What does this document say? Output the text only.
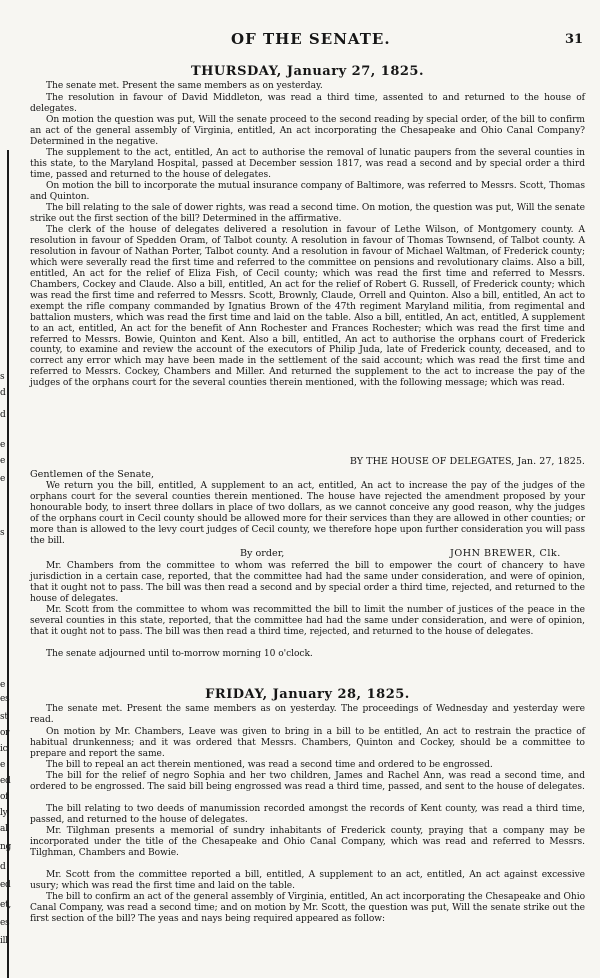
s
d
d
e
e
e
s
e
es
st
or
ic
e
ed
of
ly
al
ng
d
ed
et,
es
ill
OF THE SENATE.	31
THURSDAY, January 27, 1825.

The senate met. Present the same members as on yesterday.

The resolution in favour of David Middleton, was read a third time, assented to and returned to the house of delegates.

On motion the question was put, Will the senate proceed to the second reading by special order, of the bill to confirm an act of the general assembly of Virginia, entitled, An act incorporating the Chesapeake and Ohio Canal Company? Determined in the negative.

The supplement to the act, entitled, An act to authorise the removal of lunatic paupers from the several counties in this state, to the Maryland Hospital, passed at December session 1817, was read a second and by special order a third time, passed and returned to the house of delegates.

On motion the bill to incorporate the mutual insurance company of Baltimore, was referred to Messrs. Scott, Thomas and Quinton.

The bill relating to the sale of dower rights, was read a second time. On motion, the question was put, Will the senate strike out the first section of the bill? Determined in the affirmative.

The clerk of the house of delegates delivered a resolution in favour of Lethe Wilson, of Montgomery county. A resolution in favour of Spedden Oram, of Talbot county. A resolution in favour of Thomas Townsend, of Talbot county. A resolution in favour of Nathan Porter, Talbot county. And a resolution in favour of Michael Waltman, of Frederick county; which were severally read the first time and referred to the committee on pensions and revolutionary claims. Also a bill, entitled, An act for the relief of Eliza Fish, of Cecil county; which was read the first time and referred to Messrs. Chambers, Cockey and Claude. Also a bill, entitled, An act for the relief of Robert G. Russell, of Frederick county; which was read the first time and referred to Messrs. Scott, Brownly, Claude, Orrell and Quinton. Also a bill, entitled, An act to exempt the rifle company commanded by Ignatius Brown of the 47th regiment Maryland militia, from regimental and battalion musters, which was read the first time and laid on the table. Also a bill, entitled, An act, entitled, A supplement to an act, entitled, An act for the benefit of Ann Rochester and Frances Rochester; which was read the first time and referred to Messrs. Bowie, Quinton and Kent. Also a bill, entitled, An act to authorise the orphans court of Frederick county, to examine and review the account of the executors of Philip Juda, late of Frederick county, deceased, and to correct any error which may have been made in the settlement of the said account; which was read the first time and referred to Messrs. Cockey, Chambers and Miller. And returned the supplement to the act to increase the pay of the judges of the orphans court for the several counties therein mentioned, with the following message; which was read.

BY THE HOUSE OF DELEGATES, Jan. 27, 1825.
Gentlemen of the Senate,

We return you the bill, entitled, A supplement to an act, entitled, An act to increase the pay of the judges of the orphans court for the several counties therein mentioned. The house have rejected the amendment proposed by your honourable body, to insert three dollars in place of two dollars, as we cannot conceive any good reason, why the judges of the orphans court in Cecil county should be allowed more for their services than they are allowed in other counties; or more than is allowed to the levy court judges of Cecil county, we therefore hope upon further consideration you will pass the bill.

By order,	JOHN BREWER, Clk.

Mr. Chambers from the committee to whom was referred the bill to empower the court of chancery to have jurisdiction in a certain case, reported, that the committee had had the same under consideration, and were of opinion, that it ought not to pass. The bill was then read a second and by special order a third time, rejected, and returned to the house of delegates.

Mr. Scott from the committee to whom was recommitted the bill to limit the number of justices of the peace in the several counties in this state, reported, that the committee had had the same under consideration, and were of opinion, that it ought not to pass. The bill was then read a third time, rejected, and returned to the house of delegates.

The senate adjourned until to-morrow morning 10 o'clock.

FRIDAY, January 28, 1825.

The senate met. Present the same members as on yesterday. The proceedings of Wednesday and yesterday were read.

On motion by Mr. Chambers, Leave was given to bring in a bill to be entitled, An act to restrain the practice of habitual drunkenness; and it was ordered that Messrs. Chambers, Quinton and Cockey, should be a committee to prepare and report the same.

The bill to repeal an act therein mentioned, was read a second time and ordered to be engrossed.

The bill for the relief of negro Sophia and her two children, James and Rachel Ann, was read a second time, and ordered to be engrossed. The said bill being engrossed was read a third time, passed, and sent to the house of delegates.

The bill relating to two deeds of manumission recorded amongst the records of Kent county, was read a third time, passed, and returned to the house of delegates.

Mr. Tilghman presents a memorial of sundry inhabitants of Frederick county, praying that a company may be incorporated under the title of the Chesapeake and Ohio Canal Company, which was read and referred to Messrs. Tilghman, Chambers and Bowie.

Mr. Scott from the committee reported a bill, entitled, A supplement to an act, entitled, An act against excessive usury; which was read the first time and laid on the table.

The bill to confirm an act of the general assembly of Virginia, entitled, An act incorporating the Chesapeake and Ohio Canal Company, was read a second time; and on motion by Mr. Scott, the question was put, Will the senate strike out the first section of the bill? The yeas and nays being required appeared as follow:
